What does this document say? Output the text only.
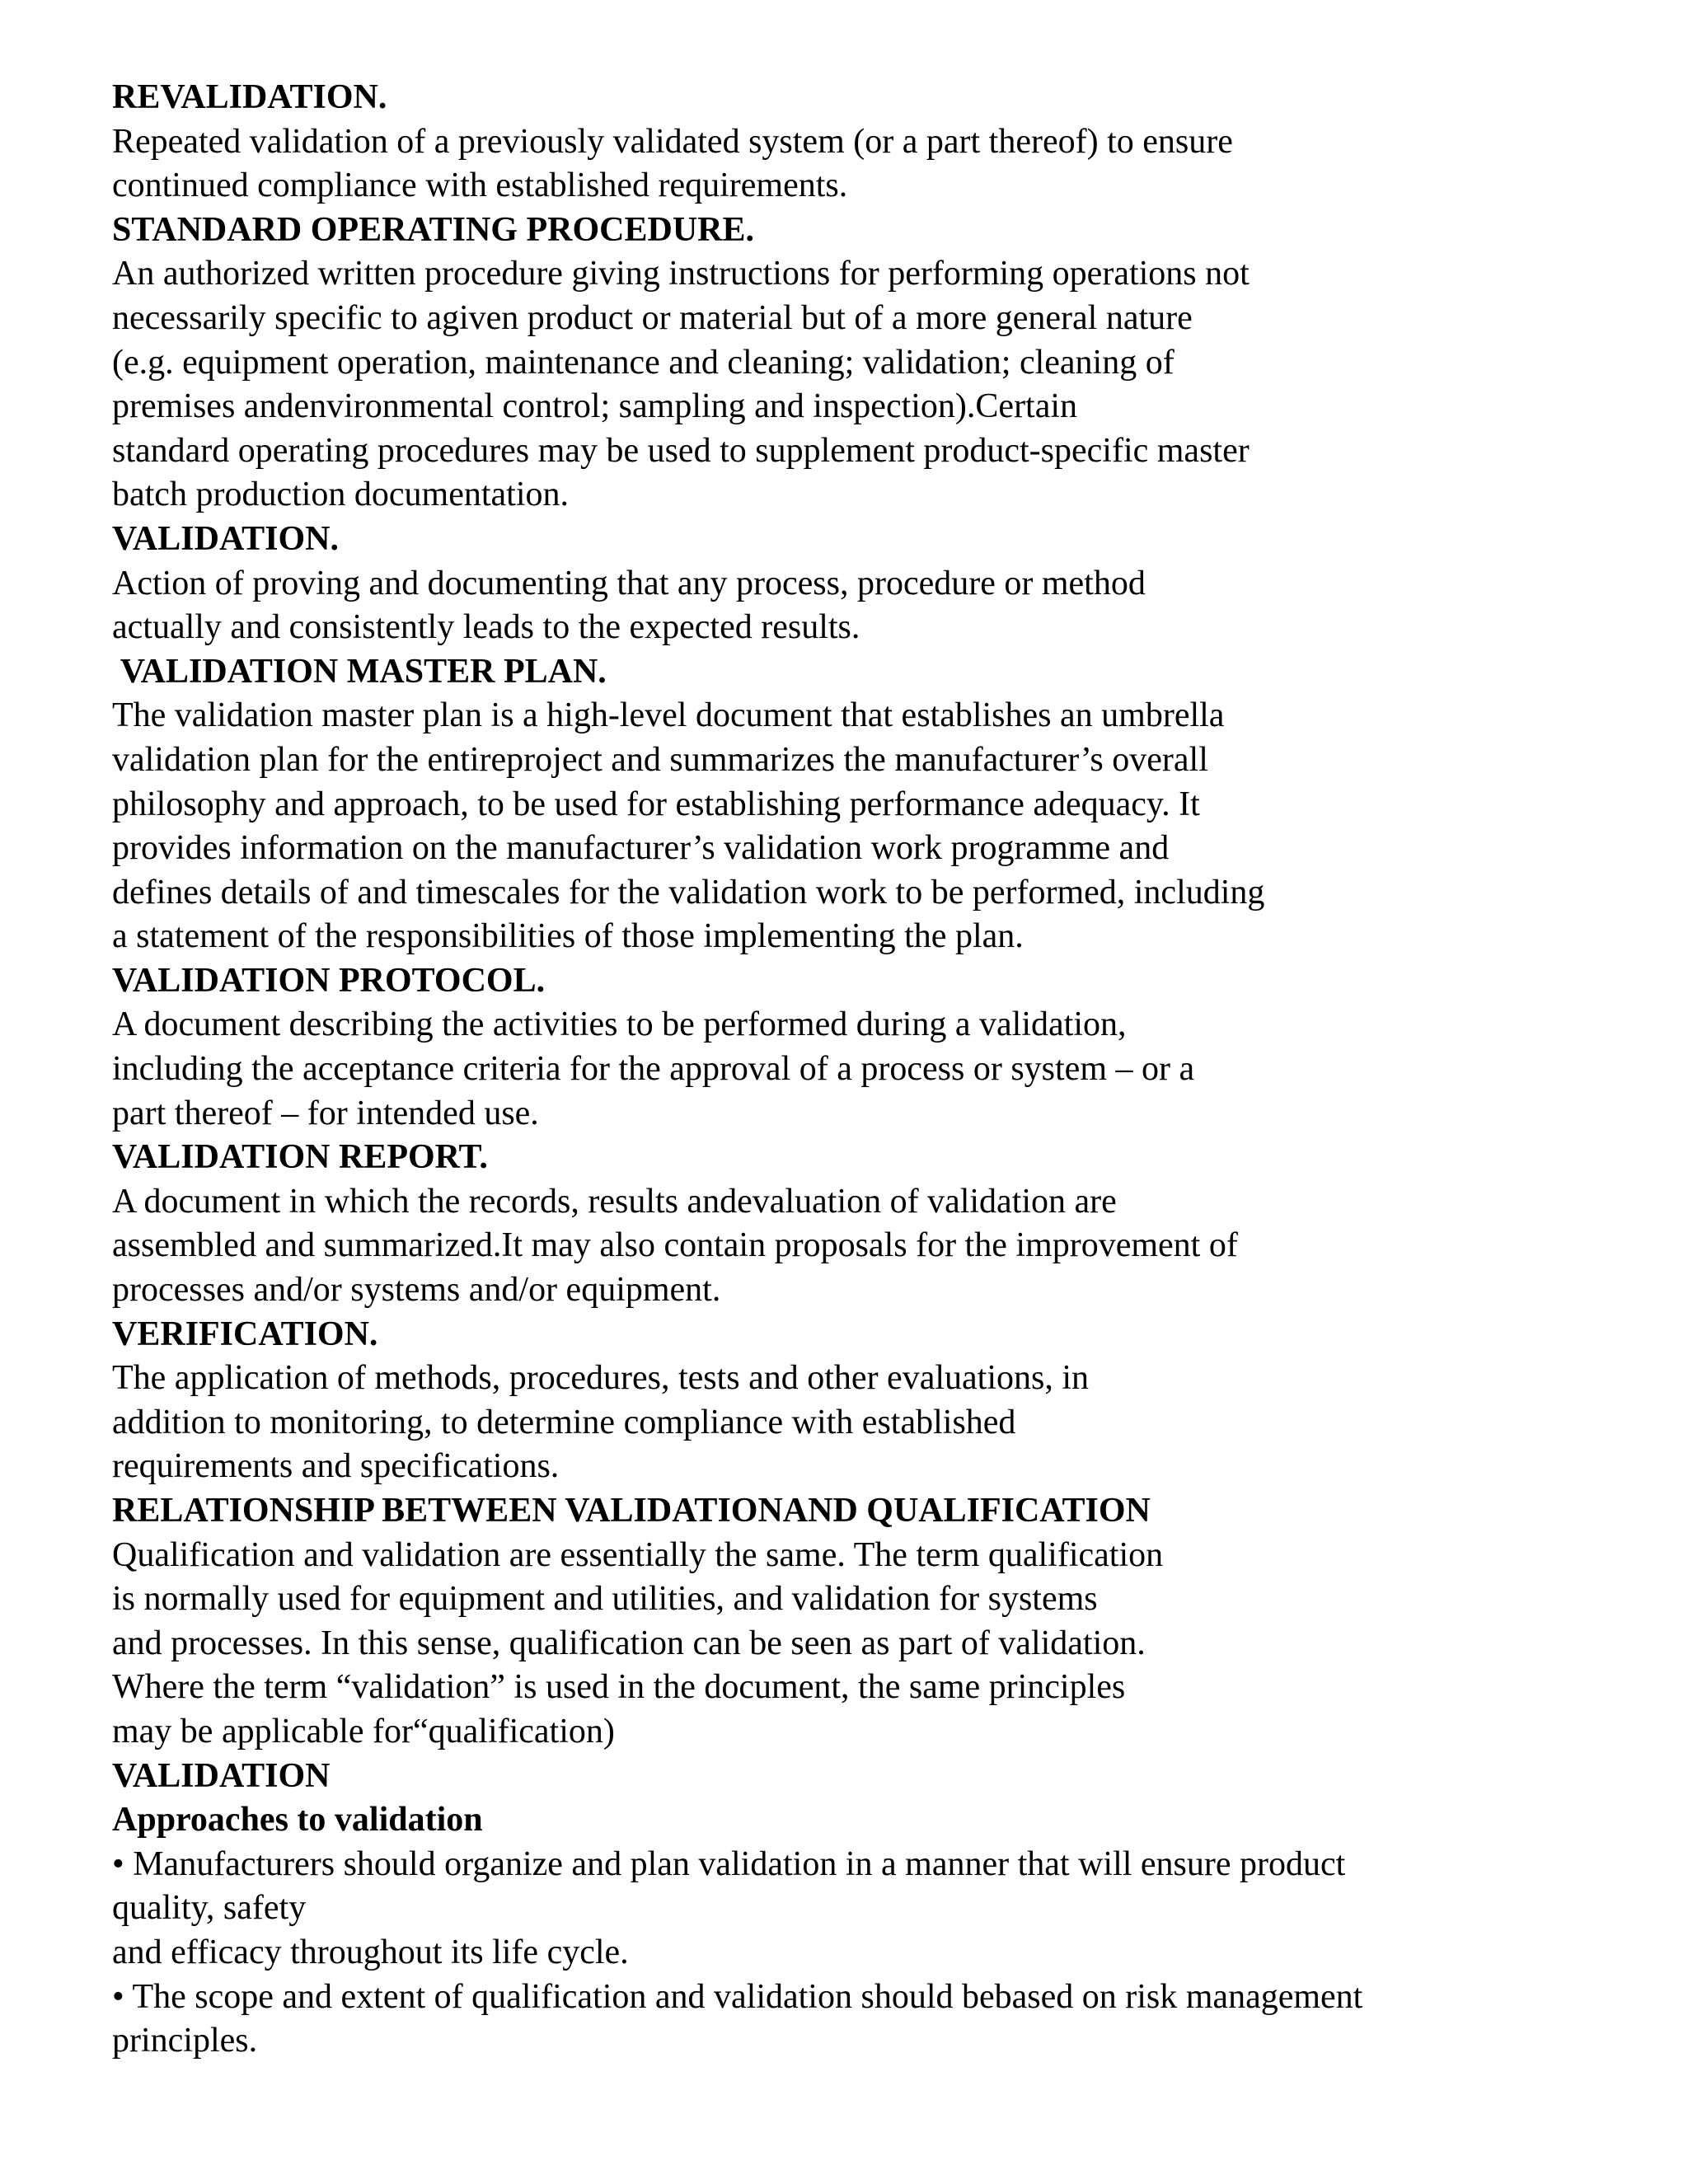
REVALIDATION.
Repeated validation of a previously validated system (or a part thereof) to ensure
continued compliance with established requirements.
STANDARD OPERATING PROCEDURE.
An authorized written procedure giving instructions for performing operations not
necessarily specific to agiven product or material but of a more general nature
(e.g. equipment operation, maintenance and cleaning; validation; cleaning of
premises andenvironmental control; sampling and inspection).Certain
standard operating procedures may be used to supplement product-specific master
batch production documentation.
VALIDATION.
Action of proving and documenting that any process, procedure or method
actually and consistently leads to the expected results.
VALIDATION MASTER PLAN.
The validation master plan is a high-level document that establishes an umbrella
validation plan for the entireproject and summarizes the manufacturer’s overall
philosophy and approach, to be used for establishing performance adequacy. It
provides information on the manufacturer’s validation work programme and
defines details of and timescales for the validation work to be performed, including
a statement of the responsibilities of those implementing the plan.
VALIDATION PROTOCOL.
A document describing the activities to be performed during a validation,
including the acceptance criteria for the approval of a process or system – or a
part thereof – for intended use.
VALIDATION REPORT.
A document in which the records, results andevaluation of validation are
assembled and summarized.It may also contain proposals for the improvement of
processes and/or systems and/or equipment.
VERIFICATION.
The application of methods, procedures, tests and other evaluations, in
addition to monitoring, to determine compliance with established
requirements and specifications.
RELATIONSHIP BETWEEN VALIDATIONAND QUALIFICATION
Qualification and validation are essentially the same. The term qualification
is normally used for equipment and utilities, and validation for systems
and processes. In this sense, qualification can be seen as part of validation.
Where the term “validation” is used in the document, the same principles
may be applicable for“qualification)
VALIDATION
Approaches to validation
• Manufacturers should organize and plan validation in a manner that will ensure product
quality, safety
and efficacy throughout its life cycle.
• The scope and extent of qualification and validation should bebased on risk management
principles.
